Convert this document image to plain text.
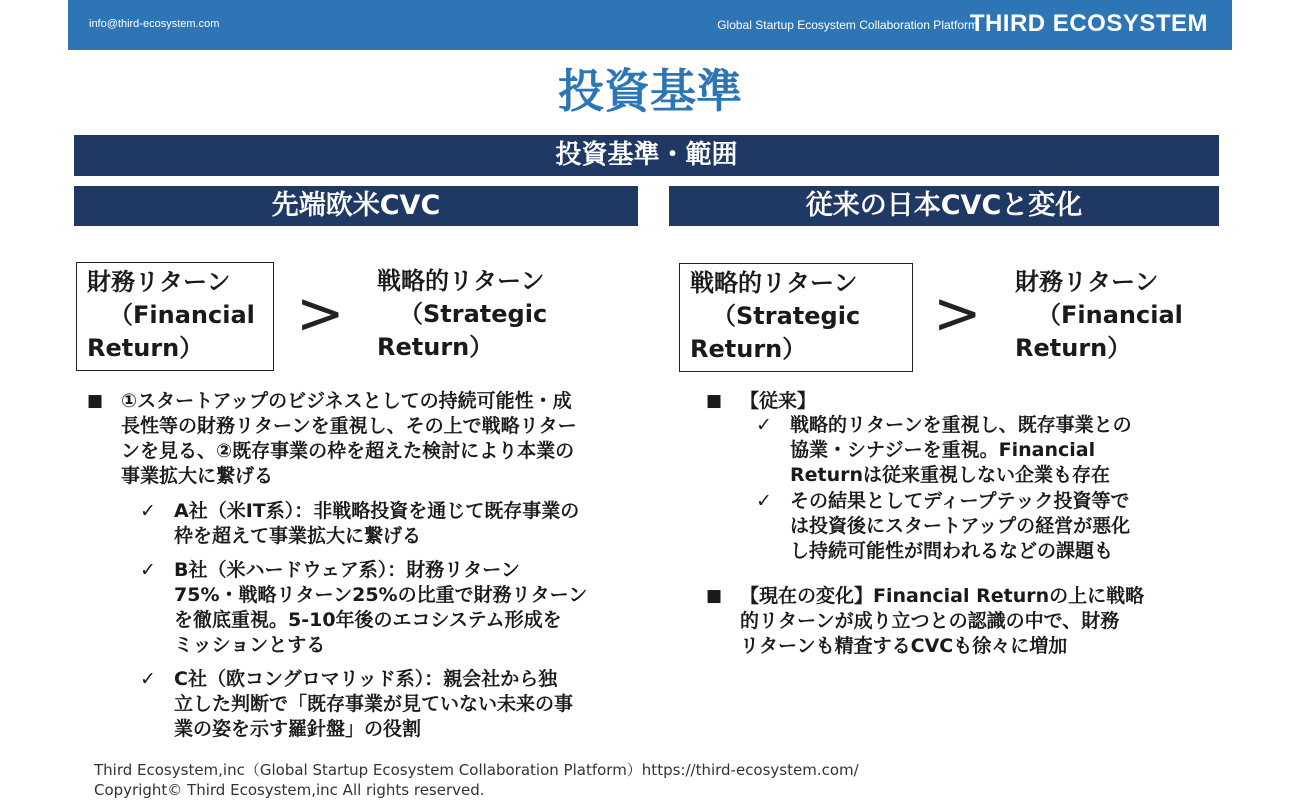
info@third-ecosystem.com	Global Startup Ecosystem Collaboration Platform
THIRD ECOSYSTEM
投資基準
投資基準・範囲
先端欧米CVC	従来の日本CVCと変化
財務リターン
（Financial
Return）
> 戦略的リターン
（Strategic
Return）
■ ①スタートアップのビジネスとしての持続可能性・成
長性等の財務リターンを重視し、その上で戦略リター
ンを見る、②既存事業の枠を超えた検討により本業の
事業拡大に繋げる
✓ A社（米IT系）：非戦略投資を通じて既存事業の
枠を超えて事業拡大に繋げる
✓ B社（米ハードウェア系）：財務リターン
75%・戦略リターン25%の比重で財務リターン
を徹底重視。5-10年後のエコシステム形成を
ミッションとする
✓ C社（欧コングロマリッド系）：親会社から独
立した判断で「既存事業が見ていない未来の事
業の姿を示す羅針盤」の役割
戦略的リターン
（Strategic
Return）
> 財務リターン
（Financial
Return）
■ 【従来】
✓ 戦略的リターンを重視し、既存事業との
協業・シナジーを重視。Financial
Returnは従来重視しない企業も存在
✓ その結果としてディープテック投資等で
は投資後にスタートアップの経営が悪化
し持続可能性が問われるなどの課題も
■ 【現在の変化】Financial Returnの上に戦略
的リターンが成り立つとの認識の中で、財務
リターンも精査するCVCも徐々に増加
Third Ecosystem,inc（Global Startup Ecosystem Collaboration Platform）https://third-ecosystem.com/
Copyright© Third Ecosystem,inc All rights reserved.
